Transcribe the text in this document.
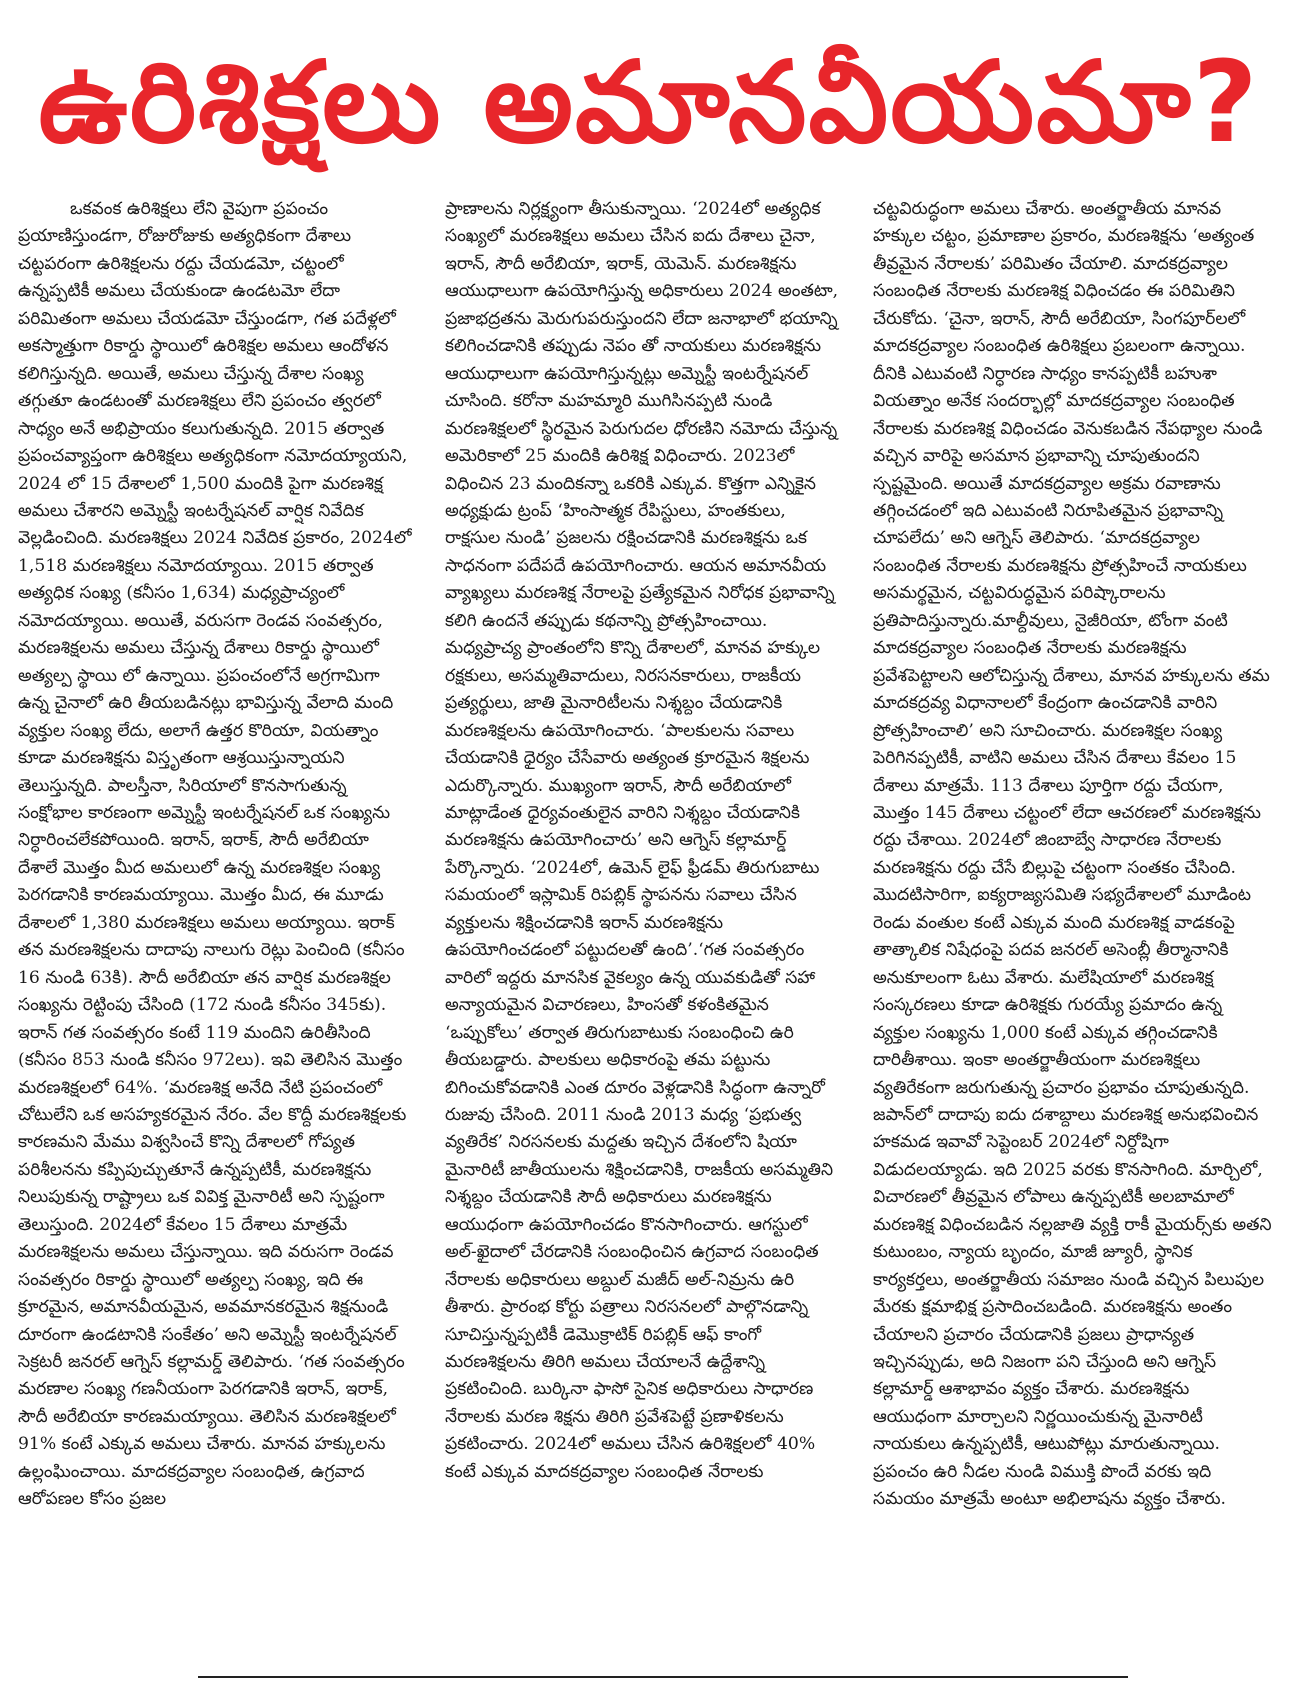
ఉరిశిక్షలు అమానవీయమా?

ఒకవంక ఉరిశిక్షలు లేని వైపుగా ప్రపంచం ప్రయాణిస్తుండగా, రోజురోజుకు అత్యధికంగా దేశాలు చట్టపరంగా ఉరిశిక్షలను రద్దు చేయడమో, చట్టంలో ఉన్నప్పటికీ అమలు చేయకుండా ఉండటమో లేదా పరిమితంగా అమలు చేయడమో చేస్తుండగా, గత పదేళ్లలో అకస్మాత్తుగా రికార్డు స్థాయిలో ఉరిశిక్షల అమలు ఆందోళన కలిగిస్తున్నది. అయితే, అమలు చేస్తున్న దేశాల సంఖ్య తగ్గుతూ ఉండటంతో మరణశిక్షలు లేని ప్రపంచం త్వరలో సాధ్యం అనే అభిప్రాయం కలుగుతున్నది. 2015 తర్వాత ప్రపంచవ్యాప్తంగా ఉరిశిక్షలు అత్యధికంగా నమోదయ్యాయని, 2024 లో 15 దేశాలలో 1,500 మందికి పైగా మరణశిక్ష అమలు చేశారని అమ్నెస్టీ ఇంటర్నేషనల్ వార్షిక నివేదిక వెల్లడించింది. మరణశిక్షలు 2024 నివేదిక ప్రకారం, 2024లో 1,518 మరణశిక్షలు నమోదయ్యాయి. 2015 తర్వాత అత్యధిక సంఖ్య (కనీసం 1,634) మధ్యప్రాచ్యంలో నమోదయ్యాయి. అయితే, వరుసగా రెండవ సంవత్సరం, మరణశిక్షలను అమలు చేస్తున్న దేశాలు రికార్డు స్థాయిలో అత్యల్ప స్థాయి లో ఉన్నాయి. ప్రపంచంలోనే అగ్రగామిగా ఉన్న చైనాలో ఉరి తీయబడినట్లు భావిస్తున్న వేలాది మంది వ్యక్తుల సంఖ్య లేదు, అలాగే ఉత్తర కొరియా, వియత్నాం కూడా మరణశిక్షను విస్తృతంగా ఆశ్రయిస్తున్నాయని తెలుస్తున్నది. పాలస్తీనా, సిరియాలో కొనసాగుతున్న సంక్షోభాల కారణంగా అమ్నెస్టీ ఇంటర్నేషనల్ ఒక సంఖ్యను నిర్ధారించలేకపోయింది. ఇరాన్, ఇరాక్, సౌదీ అరేబియా దేశాలే మొత్తం మీద అమలులో ఉన్న మరణశిక్షల సంఖ్య పెరగడానికి కారణమయ్యాయి. మొత్తం మీద, ఈ మూడు దేశాలలో 1,380 మరణశిక్షలు అమలు అయ్యాయి. ఇరాక్ తన మరణశిక్షలను దాదాపు నాలుగు రెట్లు పెంచింది (కనీసం 16 నుండి 63కి). సౌదీ అరేబియా తన వార్షిక మరణశిక్షల సంఖ్యను రెట్టింపు చేసింది (172 నుండి కనీసం 345కు). ఇరాన్ గత సంవత్సరం కంటే 119 మందిని ఉరితీసింది (కనీసం 853 నుండి కనీసం 972లు). ఇవి తెలిసిన మొత్తం మరణశిక్షలలో 64%. ‘మరణశిక్ష అనేది నేటి ప్రపంచంలో చోటులేని ఒక అసహ్యకరమైన నేరం. వేల కొద్దీ మరణశిక్షలకు కారణమని మేము విశ్వసించే కొన్ని దేశాలలో గోప్యత పరిశీలనను కప్పిపుచ్చుతూనే ఉన్నప్పటికీ, మరణశిక్షను నిలుపుకున్న రాష్ట్రాలు ఒక వివిక్త మైనారిటీ అని స్పష్టంగా తెలుస్తుంది. 2024లో కేవలం 15 దేశాలు మాత్రమే మరణశిక్షలను అమలు చేస్తున్నాయి. ఇది వరుసగా రెండవ సంవత్సరం రికార్డు స్థాయిలో అత్యల్ప సంఖ్య, ఇది ఈ క్రూరమైన, అమానవీయమైన, అవమానకరమైన శిక్షనుండి దూరంగా ఉండటానికి సంకేతం’ అని అమ్నెస్టీ ఇంటర్నేషనల్ సెక్రటరీ జనరల్ ఆగ్నెస్ కల్లామర్డ్ తెలిపారు. ‘గత సంవత్సరం మరణాల సంఖ్య గణనీయంగా పెరగడానికి ఇరాన్, ఇరాక్, సౌదీ అరేబియా కారణమయ్యాయి. తెలిసిన మరణశిక్షలలో 91% కంటే ఎక్కువ అమలు చేశారు. మానవ హక్కులను ఉల్లంఘించాయి. మాదకద్రవ్యాల సంబంధిత, ఉగ్రవాద ఆరోపణల కోసం ప్రజల

ప్రాణాలను నిర్లక్ష్యంగా తీసుకున్నాయి. ‘2024లో అత్యధిక సంఖ్యలో మరణశిక్షలు అమలు చేసిన ఐదు దేశాలు చైనా, ఇరాన్, సౌదీ అరేబియా, ఇరాక్, యెమెన్. మరణశిక్షను ఆయుధాలుగా ఉపయోగిస్తున్న అధికారులు 2024 అంతటా, ప్రజాభద్రతను మెరుగుపరుస్తుందని లేదా జనాభాలో భయాన్ని కలిగించడానికి తప్పుడు నెపం తో నాయకులు మరణశిక్షను ఆయుధాలుగా ఉపయోగిస్తున్నట్లు అమ్నెస్టీ ఇంటర్నేషనల్ చూసింది. కరోనా మహమ్మారి ముగిసినప్పటి నుండి మరణశిక్షలలో స్థిరమైన పెరుగుదల ధోరణిని నమోదు చేస్తున్న అమెరికాలో 25 మందికి ఉరిశిక్ష విధించారు. 2023లో విధించిన 23 మందికన్నా ఒకరికి ఎక్కువ. కొత్తగా ఎన్నికైన అధ్యక్షుడు ట్రంప్ ‘హింసాత్మక రేపిస్టులు, హంతకులు, రాక్షసుల నుండి’ ప్రజలను రక్షించడానికి మరణశిక్షను ఒక సాధనంగా పదేపదే ఉపయోగించారు. ఆయన అమానవీయ వ్యాఖ్యలు మరణశిక్ష నేరాలపై ప్రత్యేకమైన నిరోధక ప్రభావాన్ని కలిగి ఉందనే తప్పుడు కథనాన్ని ప్రోత్సహించాయి. మధ్యప్రాచ్య ప్రాంతంలోని కొన్ని దేశాలలో, మానవ హక్కుల రక్షకులు, అసమ్మతివాదులు, నిరసనకారులు, రాజకీయ ప్రత్యర్థులు, జాతి మైనారిటీలను నిశ్శబ్దం చేయడానికి మరణశిక్షలను ఉపయోగించారు. ‘పాలకులను సవాలు చేయడానికి ధైర్యం చేసేవారు అత్యంత క్రూరమైన శిక్షలను ఎదుర్కొన్నారు. ముఖ్యంగా ఇరాన్, సౌదీ అరేబియాలో మాట్లాడేంత ధైర్యవంతులైన వారిని నిశ్శబ్దం చేయడానికి మరణశిక్షను ఉపయోగించారు’ అని ఆగ్నెస్ కల్లామార్డ్ పేర్కొన్నారు. ‘2024లో, ఉమెన్ లైఫ్ ఫ్రీడమ్ తిరుగుబాటు సమయంలో ఇస్లామిక్ రిపబ్లిక్ స్థాపనను సవాలు చేసిన వ్యక్తులను శిక్షించడానికి ఇరాన్ మరణశిక్షను ఉపయోగించడంలో పట్టుదలతో ఉంది’.‘గత సంవత్సరం వారిలో ఇద్దరు మానసిక వైకల్యం ఉన్న యువకుడితో సహా అన్యాయమైన విచారణలు, హింసతో కళంకితమైన ‘ఒప్పుకోలు’ తర్వాత తిరుగుబాటుకు సంబంధించి ఉరి తీయబడ్డారు. పాలకులు అధికారంపై తమ పట్టును బిగించుకోవడానికి ఎంత దూరం వెళ్లడానికి సిద్ధంగా ఉన్నారో రుజువు చేసింది. 2011 నుండి 2013 మధ్య ‘ప్రభుత్వ వ్యతిరేక’ నిరసనలకు మద్దతు ఇచ్చిన దేశంలోని షియా మైనారిటీ జాతీయులను శిక్షించడానికి, రాజకీయ అసమ్మతిని నిశ్శబ్దం చేయడానికి సౌదీ అధికారులు మరణశిక్షను ఆయుధంగా ఉపయోగించడం కొనసాగించారు. ఆగస్టులో అల్-ఖైదాలో చేరడానికి సంబంధించిన ఉగ్రవాద సంబంధిత నేరాలకు అధికారులు అబ్దుల్ మజీద్ అల్-నిమ్రను ఉరి తీశారు. ప్రారంభ కోర్టు పత్రాలు నిరసనలలో పాల్గొనడాన్ని సూచిస్తున్నప్పటికీ డెమొక్రాటిక్ రిపబ్లిక్ ఆఫ్ కాంగో మరణశిక్షలను తిరిగి అమలు చేయాలనే ఉద్దేశాన్ని ప్రకటించింది. బుర్కినా ఫాసో సైనిక అధికారులు సాధారణ నేరాలకు మరణ శిక్షను తిరిగి ప్రవేశపెట్టే ప్రణాళికలను ప్రకటించారు. 2024లో అమలు చేసిన ఉరిశిక్షలలో 40% కంటే ఎక్కువ మాదకద్రవ్యాల సంబంధిత నేరాలకు

చట్టవిరుద్ధంగా అమలు చేశారు. అంతర్జాతీయ మానవ హక్కుల చట్టం, ప్రమాణాల ప్రకారం, మరణశిక్షను ‘అత్యంత తీవ్రమైన నేరాలకు’ పరిమితం చేయాలి. మాదకద్రవ్యాల సంబంధిత నేరాలకు మరణశిక్ష విధించడం ఈ పరిమితిని చేరుకోదు. ‘చైనా, ఇరాన్, సౌదీ అరేబియా, సింగపూర్‌లలో మాదకద్రవ్యాల సంబంధిత ఉరిశిక్షలు ప్రబలంగా ఉన్నాయి. దీనికి ఎటువంటి నిర్ధారణ సాధ్యం కానప్పటికీ బహుశా వియత్నాం అనేక సందర్భాల్లో మాదకద్రవ్యాల సంబంధిత నేరాలకు మరణశిక్ష విధించడం వెనుకబడిన నేపథ్యాల నుండి వచ్చిన వారిపై అసమాన ప్రభావాన్ని చూపుతుందని స్పష్టమైంది. అయితే మాదకద్రవ్యాల అక్రమ రవాణాను తగ్గించడంలో ఇది ఎటువంటి నిరూపితమైన ప్రభావాన్ని చూపలేదు’ అని ఆగ్నెస్ తెలిపారు. ‘మాదకద్రవ్యాల సంబంధిత నేరాలకు మరణశిక్షను ప్రోత్సహించే నాయకులు అసమర్థమైన, చట్టవిరుద్ధమైన పరిష్కారాలను ప్రతిపాదిస్తున్నారు.మాల్దీవులు, నైజీరియా, టోంగా వంటి మాదకద్రవ్యాల సంబంధిత నేరాలకు మరణశిక్షను ప్రవేశపెట్టాలని ఆలోచిస్తున్న దేశాలు, మానవ హక్కులను తమ మాదకద్రవ్య విధానాలలో కేంద్రంగా ఉంచడానికి వారిని ప్రోత్సహించాలి’ అని సూచించారు. మరణశిక్షల సంఖ్య పెరిగినప్పటికీ, వాటిని అమలు చేసిన దేశాలు కేవలం 15 దేశాలు మాత్రమే. 113 దేశాలు పూర్తిగా రద్దు చేయగా, మొత్తం 145 దేశాలు చట్టంలో లేదా ఆచరణలో మరణశిక్షను రద్దు చేశాయి. 2024లో జింబాబ్వే సాధారణ నేరాలకు మరణశిక్షను రద్దు చేసే బిల్లుపై చట్టంగా సంతకం చేసింది. మొదటిసారిగా, ఐక్యరాజ్యసమితి సభ్యదేశాలలో మూడింట రెండు వంతుల కంటే ఎక్కువ మంది మరణశిక్ష వాడకంపై తాత్కాలిక నిషేధంపై పదవ జనరల్ అసెంబ్లీ తీర్మానానికి అనుకూలంగా ఓటు వేశారు. మలేషియాలో మరణశిక్ష సంస్కరణలు కూడా ఉరిశిక్షకు గురయ్యే ప్రమాదం ఉన్న వ్యక్తుల సంఖ్యను 1,000 కంటే ఎక్కువ తగ్గించడానికి దారితీశాయి. ఇంకా అంతర్జాతీయంగా మరణశిక్షలు వ్యతిరేకంగా జరుగుతున్న ప్రచారం ప్రభావం చూపుతున్నది. జపాన్‌లో దాదాపు ఐదు దశాబ్దాలు మరణశిక్ష అనుభవించిన హకమడ ఇవావో సెప్టెంబర్ 2024లో నిర్దోషిగా విడుదలయ్యాడు. ఇది 2025 వరకు కొనసాగింది. మార్చిలో, విచారణలో తీవ్రమైన లోపాలు ఉన్నప్పటికీ అలబామాలో మరణశిక్ష విధించబడిన నల్లజాతి వ్యక్తి రాకీ మైయర్స్‌కు అతని కుటుంబం, న్యాయ బృందం, మాజీ జ్యూరీ, స్థానిక కార్యకర్తలు, అంతర్జాతీయ సమాజం నుండి వచ్చిన పిలుపుల మేరకు క్షమాభిక్ష ప్రసాదించబడింది. మరణశిక్షను అంతం చేయాలని ప్రచారం చేయడానికి ప్రజలు ప్రాధాన్యత ఇచ్చినప్పుడు, అది నిజంగా పని చేస్తుంది అని ఆగ్నెస్ కల్లామార్డ్ ఆశాభావం వ్యక్తం చేశారు. మరణశిక్షను ఆయుధంగా మార్చాలని నిర్ణయించుకున్న మైనారిటీ నాయకులు ఉన్నప్పటికీ, ఆటుపోట్లు మారుతున్నాయి. ప్రపంచం ఉరి నీడల నుండి విముక్తి పొందే వరకు ఇది సమయం మాత్రమే అంటూ అభిలాషను వ్యక్తం చేశారు.
